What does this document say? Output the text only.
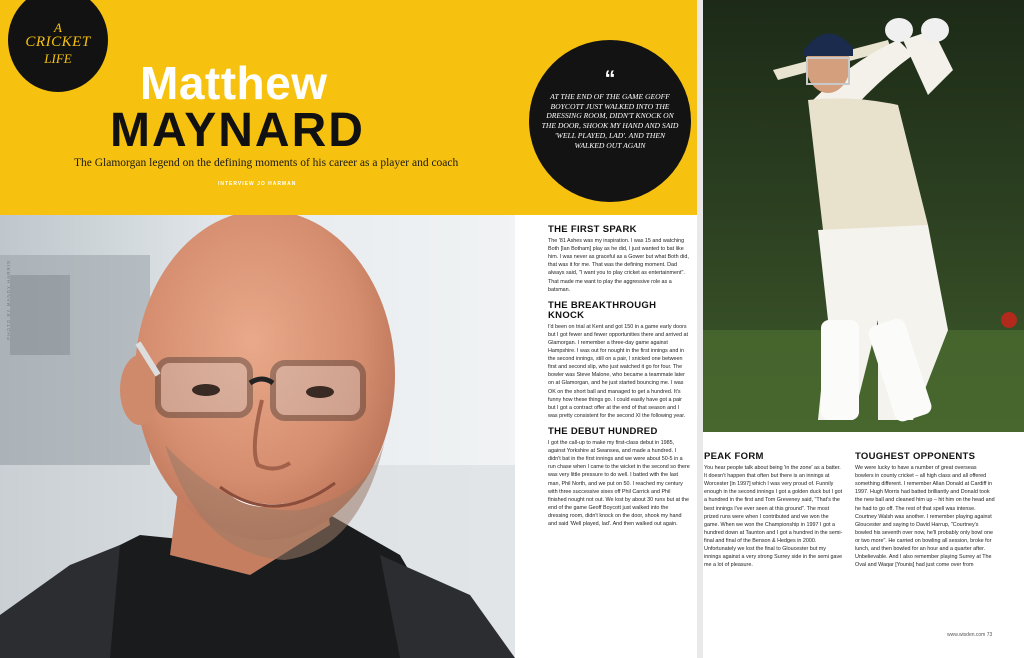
A
CRICKET
LIFE	Matthew
MAYNARD
The Glamorgan legend on the defining moments of his career as a player and coach
INTERVIEW JO HARMAN
“
AT THE END OF THE GAME GEOFF BOYCOTT JUST WALKED INTO THE DRESSING ROOM, DIDN'T KNOCK ON THE DOOR, SHOOK MY HAND AND SAID 'WELL PLAYED, LAD'. AND THEN WALKED OUT AGAIN
PHOTO BY MANDY HARRIS
THE FIRST SPARK

The '81 Ashes was my inspiration. I was 15 and watching Both [Ian Botham] play as he did, I just wanted to bat like him. I was never as graceful as a Gower but what Both did, that was it for me. That was the defining moment. Dad always said, "I want you to play cricket as entertainment". That made me want to play the aggressive role as a batsman.

THE BREAKTHROUGH KNOCK

I'd been on trial at Kent and got 150 in a game early doors but I got fewer and fewer opportunities there and arrived at Glamorgan. I remember a three-day game against Hampshire. I was out for nought in the first innings and in the second innings, still on a pair, I snicked one between first and second slip, who just watched it go for four. The bowler was Steve Malone, who became a teammate later on at Glamorgan, and he just started bouncing me. I was OK on the short ball and managed to get a hundred. It's funny how these things go. I could easily have got a pair but I got a contract offer at the end of that season and I was pretty consistent for the second XI the following year.

THE DEBUT HUNDRED

I got the call-up to make my first-class debut in 1985, against Yorkshire at Swansea, and made a hundred. I didn't bat in the first innings and we were about 50-5 in a run chase when I came to the wicket in the second so there was very little pressure to do well. I batted with the last man, Phil North, and we put on 50. I reached my century with three successive sixes off Phil Carrick and Phil finished nought not out. We lost by about 30 runs but at the end of the game Geoff Boycott just walked into the dressing room, didn't knock on the door, shook my hand and said 'Well played, lad'. And then walked out again.

PEAK FORM

You hear people talk about being 'in the zone' as a batter. It doesn't happen that often but there is an innings at Worcester [in 1997] which I was very proud of. Funnily enough in the second innings I got a golden duck but I got a hundred in the first and Tom Greveney said, "That's the best innings I've ever seen at this ground". The most prized runs were when I contributed and we won the game. When we won the Championship in 1997 I got a hundred down at Taunton and I got a hundred in the semi-final and final of the Benson & Hedges in 2000. Unfortunately we lost the final to Gloucester but my innings against a very strong Surrey side in the semi gave me a lot of pleasure.

TOUGHEST OPPONENTS

We were lucky to have a number of great overseas bowlers in county cricket – all high class and all offered something different. I remember Allan Donald at Cardiff in 1997. Hugh Morris had batted brilliantly and Donald took the new ball and cleaned him up – hit him on the head and he had to go off. The rest of that spell was intense. Courtney Walsh was another. I remember playing against Gloucester and saying to David Harrup, "Courtney's bowled his seventh over now, he'll probably only bowl one or two more". He carried on bowling all session, broke for lunch, and then bowled for an hour and a quarter after. Unbelievable. And I also remember playing Surrey at The Oval and Waqar [Younis] had just come over from

www.wisden.com 73
